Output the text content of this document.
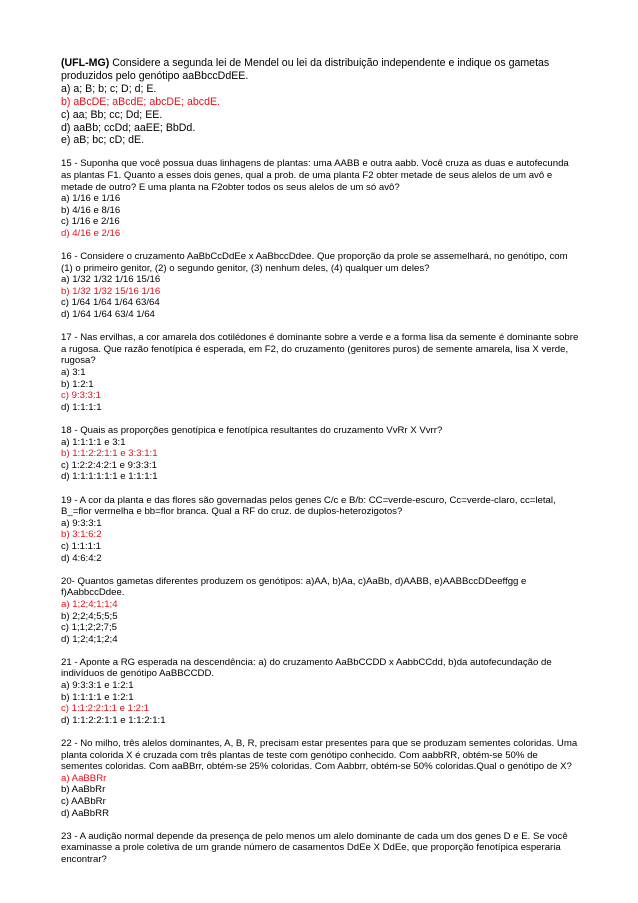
(UFL-MG) Considere a segunda lei de Mendel ou lei da distribuição independente e indique os gametas produzidos pelo genótipo aaBbccDdEE.
a) a; B; b; c; D; d; E.
b) aBcDE; aBcdE; abcDE; abcdE.
c) aa; Bb; cc; Dd; EE.
d) aaBb; ccDd; aaEE; BbDd.
e) aB; bc; cD; dE.
15 - Suponha que você possua duas linhagens de plantas: uma AABB e outra aabb. Você cruza as duas e autofecunda as plantas F1. Quanto a esses dois genes, qual a prob. de uma planta F2 obter metade de seus alelos de um avô e metade de outro? E uma planta na F2obter todos os seus alelos de um só avô?
a) 1/16 e 1/16
b) 4/16 e 8/16
c) 1/16 e 2/16
d) 4/16 e 2/16
16 - Considere o cruzamento AaBbCcDdEe x AaBbccDdee. Que proporção da prole se assemelhará, no genótipo, com (1) o primeiro genitor, (2) o segundo genitor, (3) nenhum deles, (4) qualquer um deles?
a) 1/32 1/32 1/16 15/16
b) 1/32 1/32 15/16 1/16
c) 1/64 1/64 1/64 63/64
d) 1/64 1/64 63/4 1/64
17 - Nas ervilhas, a cor amarela dos cotilédones é dominante sobre a verde e a forma lisa da semente é dominante sobre a rugosa. Que razão fenotípica é esperada, em F2, do cruzamento (genitores puros) de semente amarela, lisa X verde, rugosa?
a) 3:1
b) 1:2:1
c) 9:3:3:1
d) 1:1:1:1
18 - Quais as proporções genotípica e fenotípica resultantes do cruzamento VvRr X Vvrr?
a) 1:1:1:1 e 3:1
b) 1:1:2:2:1:1 e 3:3:1:1
c) 1:2:2:4:2:1 e 9:3:3:1
d) 1:1:1:1:1:1 e 1:1:1:1
19 - A cor da planta e das flores são governadas pelos genes C/c e B/b: CC=verde-escuro, Cc=verde-claro, cc=letal, B_=flor vermelha e bb=flor branca. Qual a RF do cruz. de duplos-heterozigotos?
a) 9:3:3:1
b) 3:1:6:2
c) 1:1:1:1
d) 4:6:4:2
20- Quantos gametas diferentes produzem os genótipos: a)AA, b)Aa, c)AaBb, d)AABB, e)AABBccDDeeffgg e f)AabbccDdee.
a) 1;2;4;1;1;4
b) 2;2;4;5;5;5
c) 1;1;2;2;7;5
d) 1;2;4;1;2;4
21 - Aponte a RG esperada na descendência: a) do cruzamento AaBbCCDD x AabbCCdd, b)da autofecundação de indivíduos de genótipo AaBBCCDD.
a) 9:3:3:1 e 1:2:1
b) 1:1:1:1 e 1:2:1
c) 1:1:2:2:1:1 e 1:2:1
d) 1:1:2:2:1:1 e 1:1:2:1:1
22 - No milho, três alelos dominantes, A, B, R, precisam estar presentes para que se produzam sementes coloridas. Uma planta colorida X é cruzada com três plantas de teste com genótipo conhecido. Com aabbRR, obtém-se 50% de sementes coloridas. Com aaBBrr, obtém-se 25% coloridas. Com Aabbrr, obtém-se 50% coloridas.Qual o genótipo de X?
a) AaBBRr
b) AaBbRr
c) AABbRr
d) AaBbRR
23 - A audição normal depende da presença de pelo menos um alelo dominante de cada um dos genes D e E. Se você examinasse a prole coletiva de um grande número de casamentos DdEe X DdEe, que proporção fenotípica esperaria encontrar?
